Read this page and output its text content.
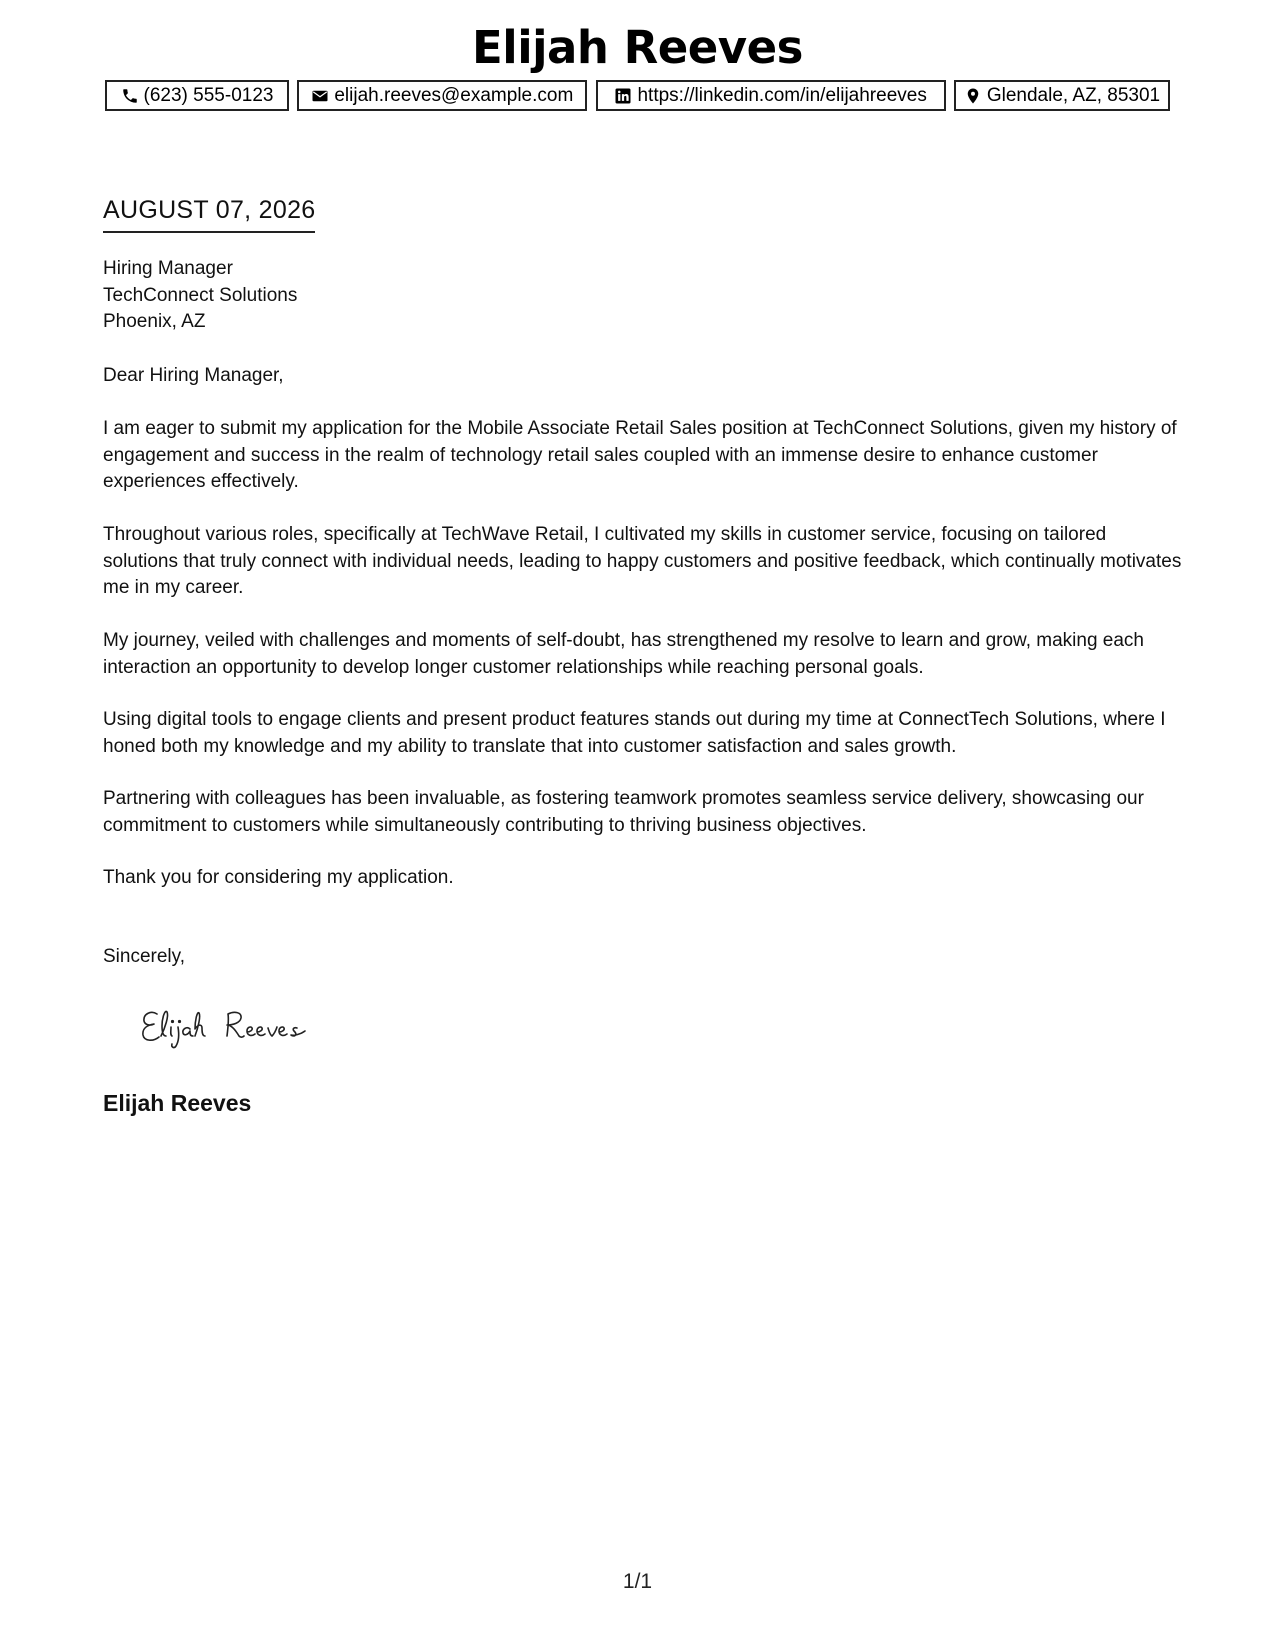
Elijah Reeves
(623) 555-0123	elijah.reeves@example.com	https://linkedin.com/in/elijahreeves	Glendale, AZ, 85301
AUGUST 07, 2026
Hiring Manager
TechConnect Solutions
Phoenix, AZ
Dear Hiring Manager,
I am eager to submit my application for the Mobile Associate Retail Sales position at TechConnect Solutions, given my history of engagement and success in the realm of technology retail sales coupled with an immense desire to enhance customer experiences effectively.
Throughout various roles, specifically at TechWave Retail, I cultivated my skills in customer service, focusing on tailored solutions that truly connect with individual needs, leading to happy customers and positive feedback, which continually motivates me in my career.
My journey, veiled with challenges and moments of self-doubt, has strengthened my resolve to learn and grow, making each interaction an opportunity to develop longer customer relationships while reaching personal goals.
Using digital tools to engage clients and present product features stands out during my time at ConnectTech Solutions, where I honed both my knowledge and my ability to translate that into customer satisfaction and sales growth.
Partnering with colleagues has been invaluable, as fostering teamwork promotes seamless service delivery, showcasing our commitment to customers while simultaneously contributing to thriving business objectives.
Thank you for considering my application.
Sincerely,
Elijah Reeves
1/1
